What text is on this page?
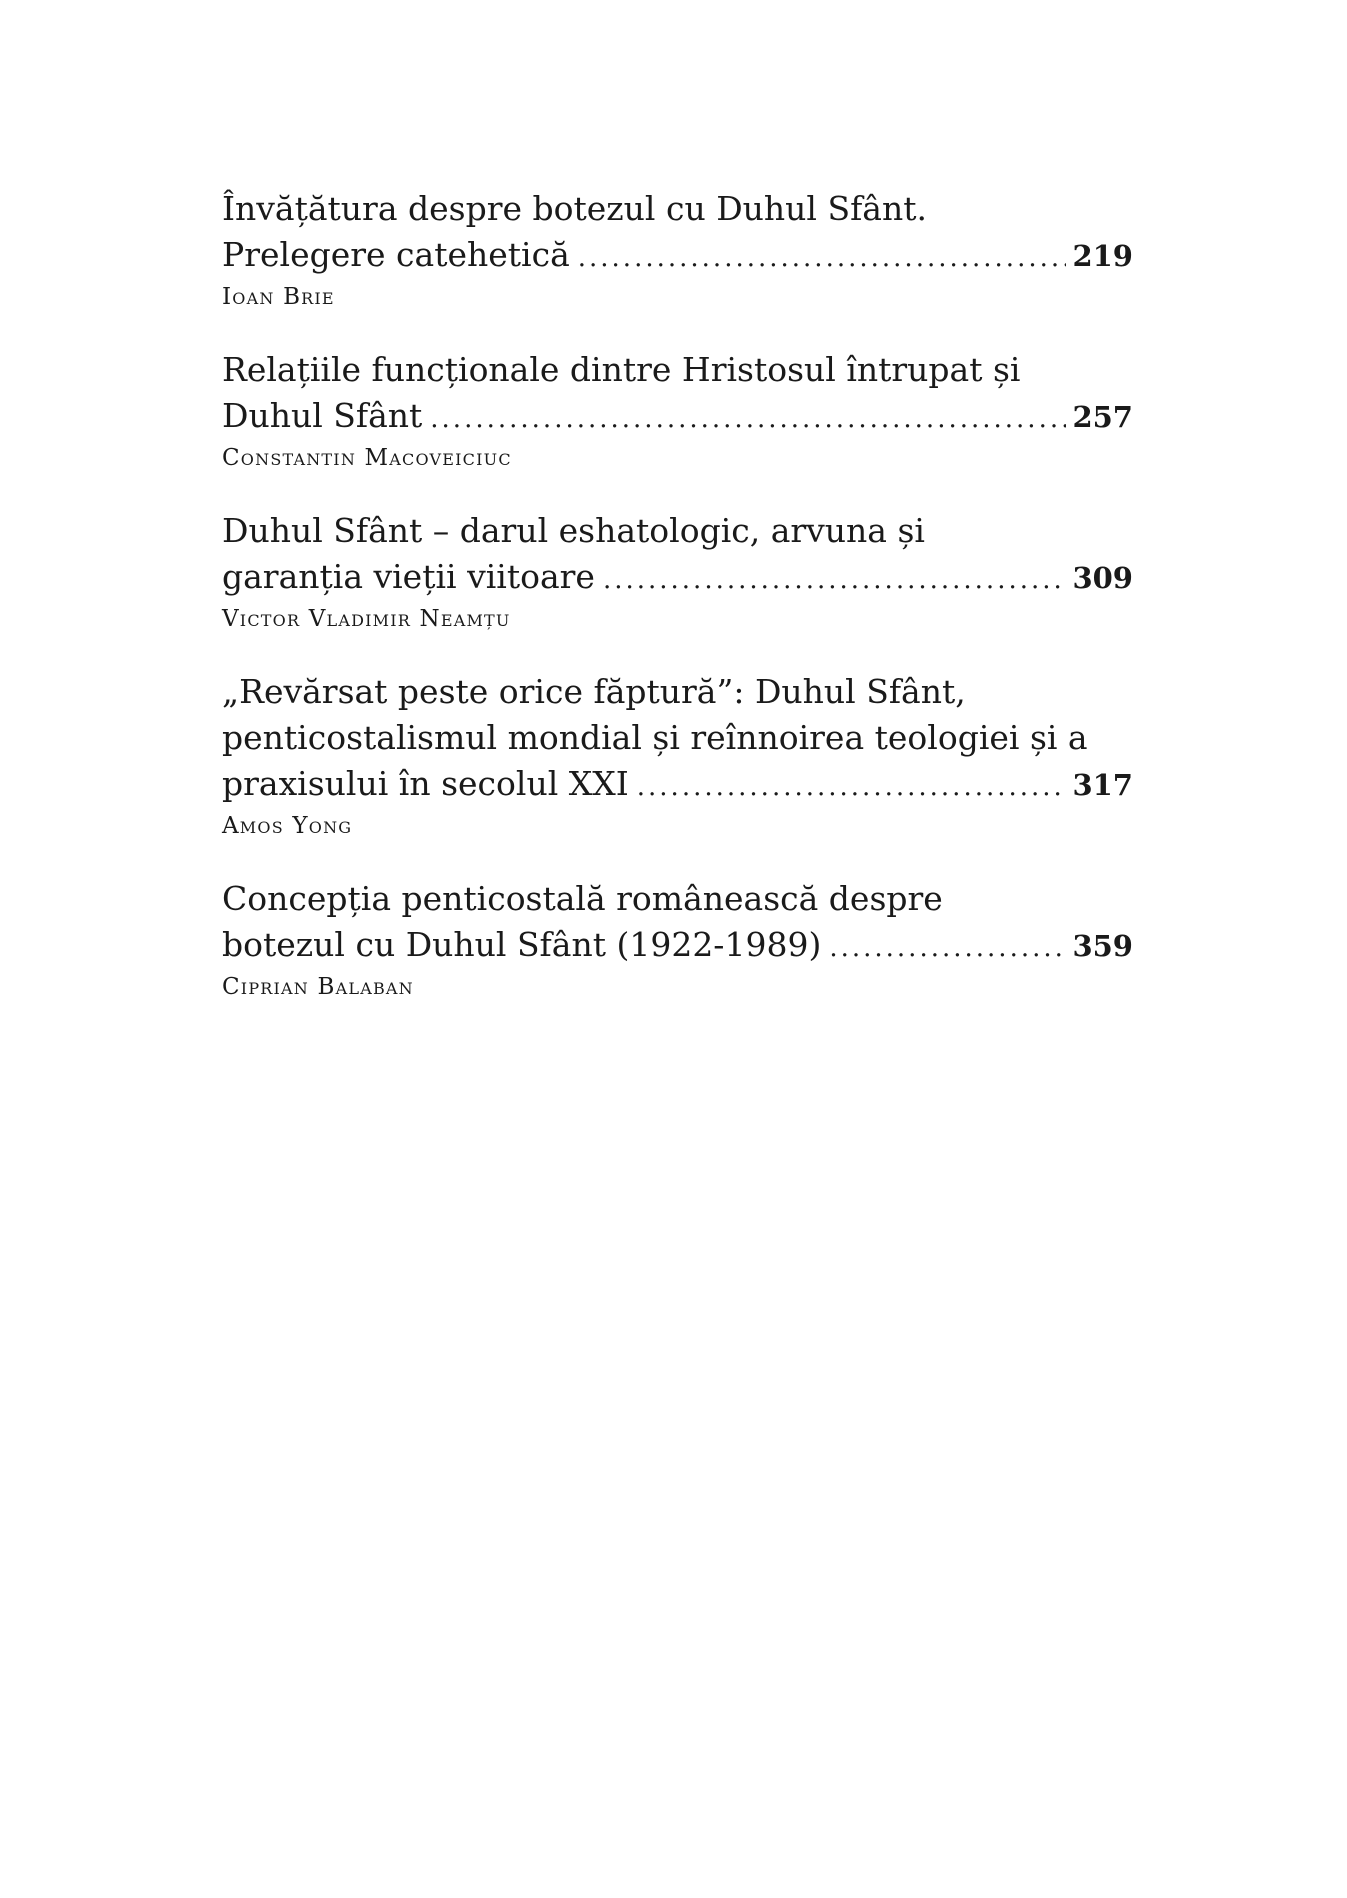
Învățătura despre botezul cu Duhul Sfânt.
Prelegere catehetică .....	219
Ioan Brie
Relațiile funcționale dintre Hristosul întrupat și
Duhul Sfânt .....	257
Constantin Macoveiciuc
Duhul Sfânt – darul eshatologic, arvuna și
garanția vieții viitoare .....	309
Victor Vladimir Neamțu
„Revărsat peste orice făptură”: Duhul Sfânt,
penticostalismul mondial și reînnoirea teologiei și a
praxisului în secolul XXI .....	317
Amos Yong
Concepția penticostală românească despre
botezul cu Duhul Sfânt (1922-1989) .....	359
Ciprian Balaban
